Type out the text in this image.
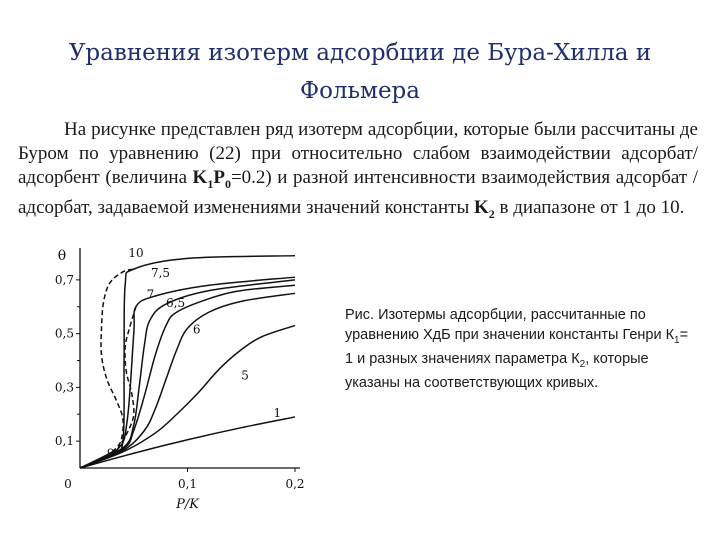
Уравнения изотерм адсорбции де Бура-Хилла и
Фольмера
На рисунке представлен ряд изотерм адсорбции, которые были рассчитаны де Буром по уравнению (22) при относительно слабом взаимодействии адсорбат/адсорбент (величина $K_1P_0=0.2$) и разной интенсивности взаимодействия адсорбат /адсорбат, задаваемой изменениями значений константы $K_2$ в диапазоне от 1 до 10.
0,1
0,3
0,5
0,7
0	0,1	0,2
θ
P/K
10
7,5
7
6,5
6
5
1
9
Рис. Изотермы адсорбции, рассчитанные по уравнению ХдБ при значении константы Генри $К_1= 1$ и разных значениях параметра $К_2$, которые указаны на соответствующих кривых.
